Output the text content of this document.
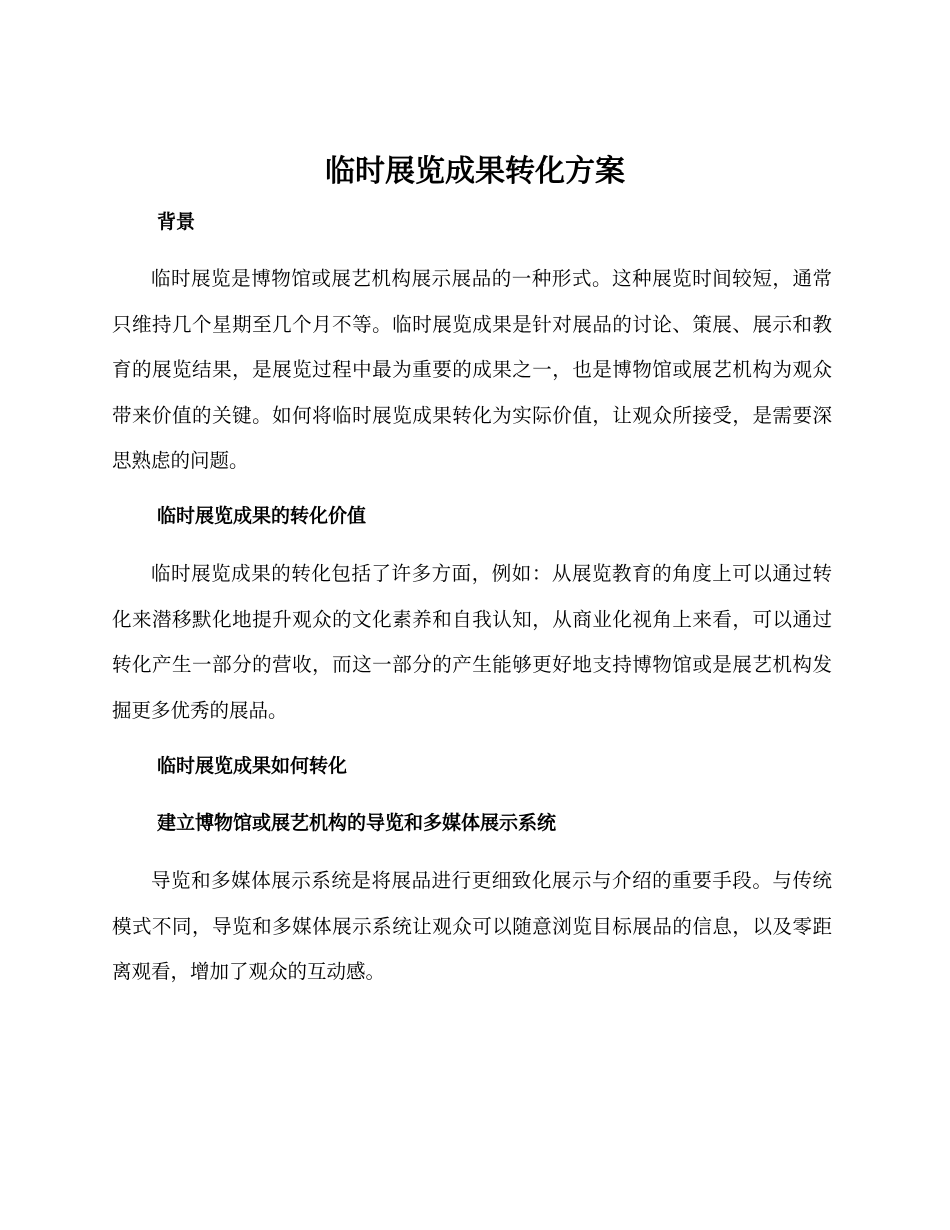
临时展览成果转化方案
背景

临时展览是博物馆或展艺机构展示展品的一种形式。这种展览时间较短，通常只维持几个星期至几个月不等。临时展览成果是针对展品的讨论、策展、展示和教育的展览结果，是展览过程中最为重要的成果之一，也是博物馆或展艺机构为观众带来价值的关键。如何将临时展览成果转化为实际价值，让观众所接受，是需要深思熟虑的问题。

临时展览成果的转化价值

临时展览成果的转化包括了许多方面，例如：从展览教育的角度上可以通过转化来潜移默化地提升观众的文化素养和自我认知，从商业化视角上来看，可以通过转化产生一部分的营收，而这一部分的产生能够更好地支持博物馆或是展艺机构发掘更多优秀的展品。

临时展览成果如何转化
建立博物馆或展艺机构的导览和多媒体展示系统

导览和多媒体展示系统是将展品进行更细致化展示与介绍的重要手段。与传统模式不同，导览和多媒体展示系统让观众可以随意浏览目标展品的信息，以及零距离观看，增加了观众的互动感。
